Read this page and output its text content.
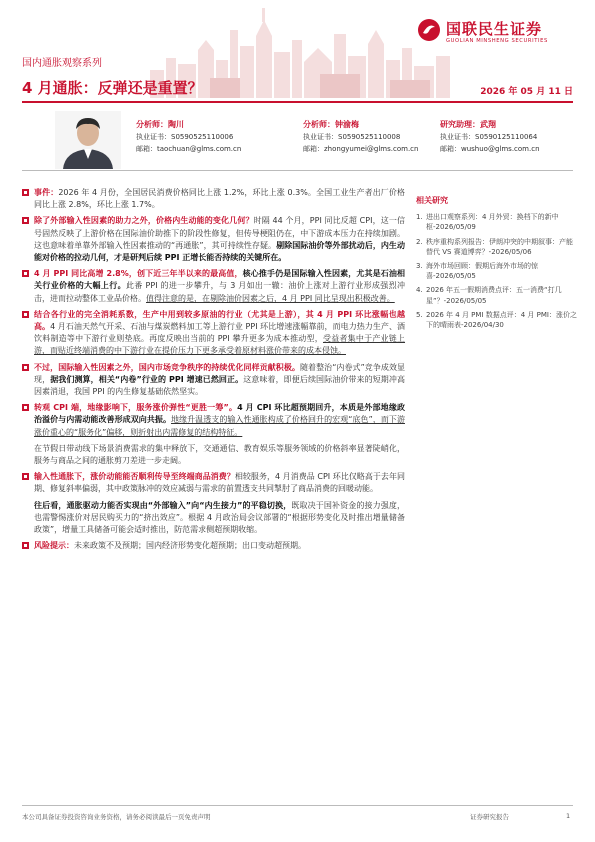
国联民生证券
GUOLIAN MINSHENG SECURITIES
国内通胀观察系列
4 月通胀：反弹还是重置？	2026 年 05 月 11 日
分析师：陶川
执业证书：S0590525110006
邮箱：taochuan@glms.com.cn
分析师：钟渝梅
执业证书：S0590525110008
邮箱：zhongyumei@glms.com.cn
研究助理：武翔
执业证书：S0590125110064
邮箱：wushuo@glms.com.cn
事件：2026 年 4 月份，全国居民消费价格同比上涨 1.2%，环比上涨 0.3%。全国工业生产者出厂价格同比上涨 2.8%，环比上涨 1.7%。
除了外部输入性因素的助力之外，价格内生动能的变化几何？时隔 44 个月，PPI 同比反超 CPI，这一信号固然反映了上游价格在国际油价助推下的阶段性修复，但传导梗阻仍在，中下游成本压力在持续加剧。这也意味着单靠外部输入性因素推动的“再通胀”，其可持续性存疑。剔除国际油价等外部扰动后，内生动能对价格的拉动几何，才是研判后续 PPI 正增长能否持续的关键所在。
4 月 PPI 同比高增 2.8%，创下近三年半以来的最高值，核心推手仍是国际输入性因素，尤其是石油相关行业价格的大幅上行。此番 PPI 的进一步攀升，与 3 月如出一辙：油价上涨对上游行业形成强烈冲击，进而拉动整体工业品价格。值得注意的是，在剔除油价因素之后，4 月 PPI 同比呈现出积极改善。
结合各行业的完全消耗系数，生产中用到较多原油的行业（尤其是上游），其 4 月 PPI 环比涨幅也越高。4 月石油天然气开采、石油与煤炭燃料加工等上游行业 PPI 环比增速涨幅靠前，而电力热力生产、酒饮料制造等中下游行业则垫底。再度反映出当前的 PPI 攀升更多为成本推动型，受益者集中于产业链上游，而贴近终端消费的中下游行业在提价压力下更多承受着原材料涨价带来的成本侵蚀。
不过，国际输入性因素之外，国内市场竞争秩序的持续优化同样贡献积极。随着整治“内卷式”竞争成效显现，据我们测算，相关“内卷”行业的 PPI 增速已然回正。这意味着，即便后续国际油价带来的短期冲高因素消退，我国 PPI 的内生修复基础依然坚实。
转观 CPI 端，地缘影响下，服务涨价弹性“更胜一筹”。4 月 CPI 环比超预期回升，本质是外部地缘政治溢价与内需动能改善形成双向共振。地缘升温透支的输入性通胀构成了价格回升的宏观“底色”，而下游涨价重心的“服务化”偏移，则折射出内需修复的结构特征。
在节假日带动线下场景消费需求的集中释放下，交通通信、教育娱乐等服务领域的价格斜率显著陡峭化，服务与商品之间的通胀剪刀差进一步走阔。
输入性通胀下，涨价动能能否顺利传导至终端商品消费？相较服务，4 月消费品 CPI 环比仅略高于去年同期、修复斜率偏弱，其中政策脉冲的效应减弱与需求的前置透支共同掣肘了商品消费的回暖动能。
往后看，通胀驱动力能否实现由“外部输入”向“内生接力”的平稳切换，既取决于国补资金的接力强度，也需警惕涨价对居民购买力的“挤出效应”。根据 4 月政治局会议部署的“根据形势变化及时推出增量储备政策”，增量工具储备可能会适时推出，防范需求侧超预期收缩。
风险提示：未来政策不及预期；国内经济形势变化超预期；出口变动超预期。
相关研究
1. 进出口观察系列：4 月外贸：换档下的新中枢-2026/05/09
2. 秩序重构系列报告：伊朗冲突的中期叙事：产能替代 VS 赛道博弈？-2026/05/06
3. 海外市场回顾：假期后海外市场的惊喜-2026/05/05
4. 2026 年五一假期消费点评：五一消费“打几星”？-2026/05/05
5. 2026 年 4 月 PMI 数据点评：4 月 PMI：涨价之下的晴雨表-2026/04/30
本公司具备证券投资咨询业务资格，请务必阅读最后一页免责声明	证券研究报告	1
